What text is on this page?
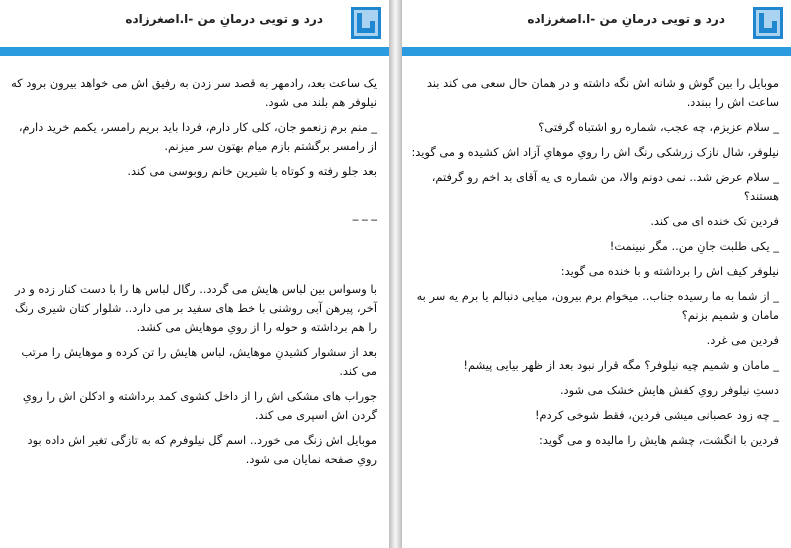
درد و تویی درمانِ من -ا.اصغرزاده

یک ساعت بعد، رادمهر به قصد سر زدن به رفیق اش می خواهد بیرون برود که نیلوفر هم بلند می شود.

_ منم برم زنعمو جان، کلی کار دارم، فردا باید بریم رامسر، یکمم خرید دارم، از رامسر برگشتم بازم میام بهتون سر میزنم.

بعد جلو رفته و کوتاه با شیرین خانم روبوسی می کند.

_ _ _

با وسواس بین لباس هایش می گردد.. رگال لباس ها را با دست کنار زده و در آخر، پیرهن آبی روشنی با خط های سفید بر می دارد.. شلوار کتان شیری رنگ را هم برداشته و حوله را از رویِ موهایش می کشد.

بعد از سشوار کشیدنِ موهایش، لباس هایش را تن کرده و موهایش را مرتب می کند.

جوراب های مشکی اش را از داخل کشوی کمد برداشته و ادکلن اش را رویِ گردن اش اسپری می کند.

موبایل اش زنگ می خورد.. اسم گل نیلوفرم که به تازگی تغیر اش داده بود رویِ صفحه نمایان می شود.

درد و تویی درمانِ من -ا.اصغرزاده

موبایل را بین گوش و شانه اش نگه داشته و در همان حال سعی می کند بند ساعت اش را ببندد.

_ سلام عزیزم، چه عجب، شماره رو اشتباه گرفتی؟

نیلوفر، شال نازک زرشکی رنگ اش را رویِ موهایِ آزاد اش کشیده و می گوید:

_ سلام عرض شد.. نمی دونم والا، من شماره ی یه آقای بد اخم رو گرفتم، هستند؟

فردین تک خنده ای می کند.

_ یکی طلبت جانِ من.. مگر نبینمت!

نیلوفر کیف اش را برداشته و با خنده می گوید:

_ از شما به ما رسیده جناب.. میخوام برم بیرون، میایی دنبالم یا برم یه سر به مامان و شمیم بزنم؟

فردین می غرد.

_ مامان و شمیم چیه نیلوفر؟ مگه قرار نبود بعد از ظهر بیایی پیشم!

دستِ نیلوفر رویِ کفش هایش خشک می شود.

_ چه زود عصبانی میشی فردین، فقط شوخی کردم!

فردین با انگشت، چشم هایش را مالیده و می گوید:
